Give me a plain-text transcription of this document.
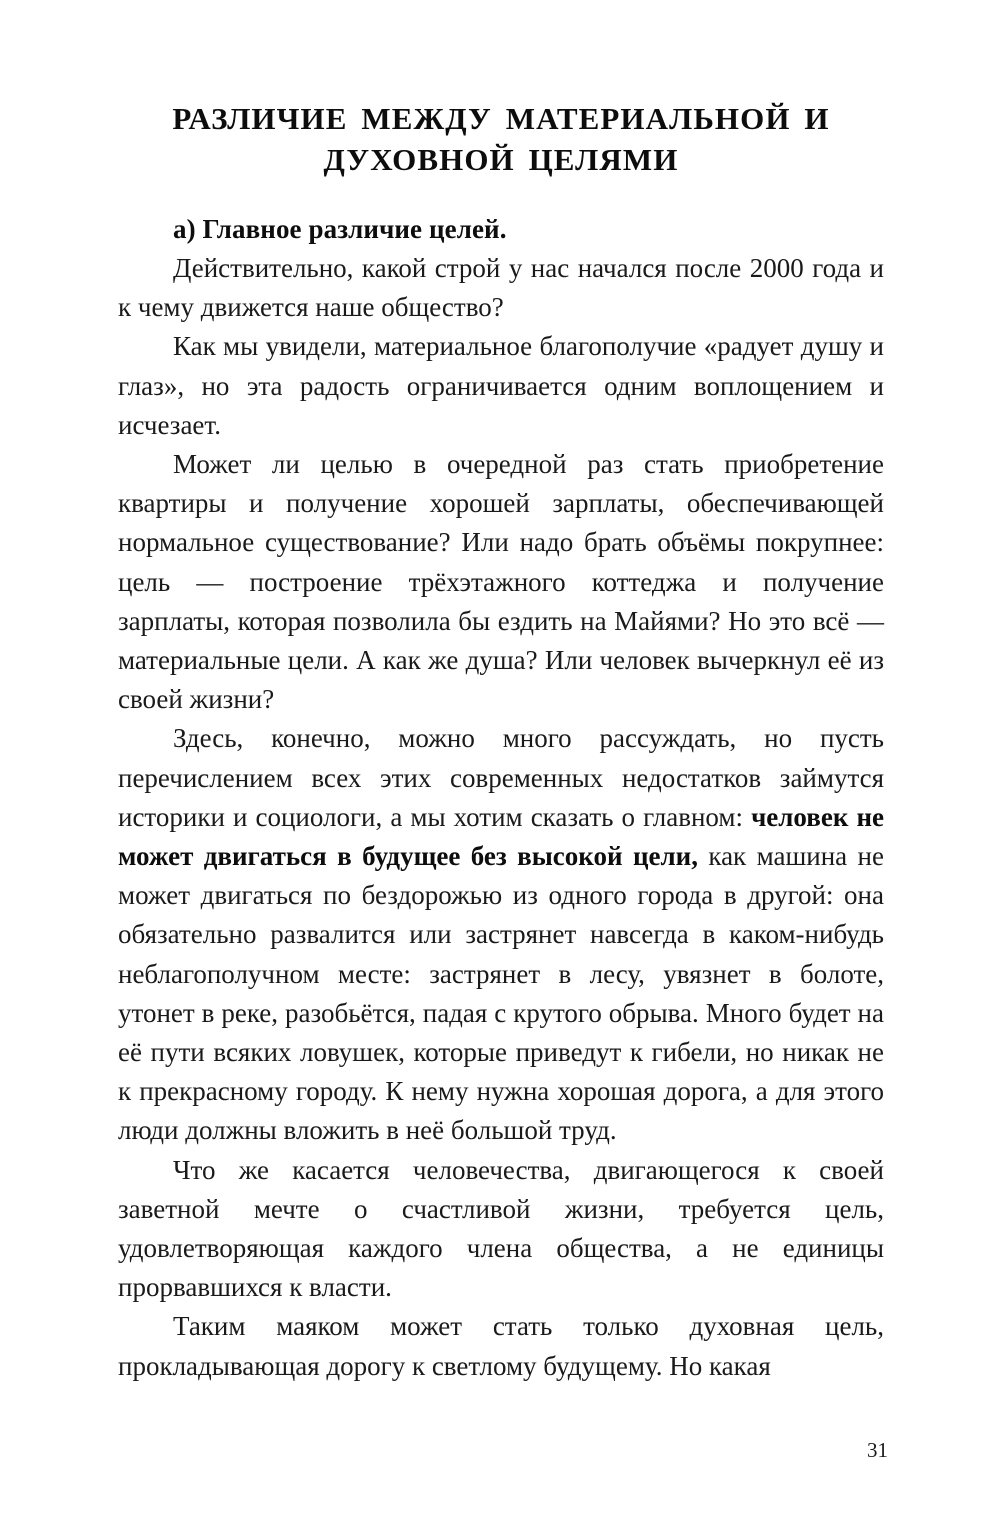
РАЗЛИЧИЕ МЕЖДУ МАТЕРИАЛЬНОЙ И
ДУХОВНОЙ ЦЕЛЯМИ

а) Главное различие целей.

Действительно, какой строй у нас начался после 2000 года и к чему движется наше общество?

Как мы увидели, материальное благополучие «радует душу и глаз», но эта радость ограничивается одним воплощением и исчезает.

Может ли целью в очередной раз стать приобретение квартиры и получение хорошей зарплаты, обеспечивающей нормальное существование? Или надо брать объёмы покрупнее: цель — построение трёхэтажного коттеджа и получение зарплаты, которая позволила бы ездить на Майями? Но это всё — материальные цели. А как же душа? Или человек вычеркнул её из своей жизни?

Здесь, конечно, можно много рассуждать, но пусть перечислением всех этих современных недостатков займутся историки и социологи, а мы хотим сказать о главном: человек не может двигаться в будущее без высокой цели, как машина не может двигаться по бездорожью из одного города в другой: она обязательно развалится или застрянет навсегда в каком-нибудь неблагополучном месте: застрянет в лесу, увязнет в болоте, утонет в реке, разобьётся, падая с крутого обрыва. Много будет на её пути всяких ловушек, которые приведут к гибели, но никак не к прекрасному городу. К нему нужна хорошая дорога, а для этого люди должны вложить в неё большой труд.

Что же касается человечества, двигающегося к своей заветной мечте о счастливой жизни, требуется цель, удовлетворяющая каждого члена общества, а не единицы прорвавшихся к власти.

Таким маяком может стать только духовная цель, прокладывающая дорогу к светлому будущему. Но какая

31
